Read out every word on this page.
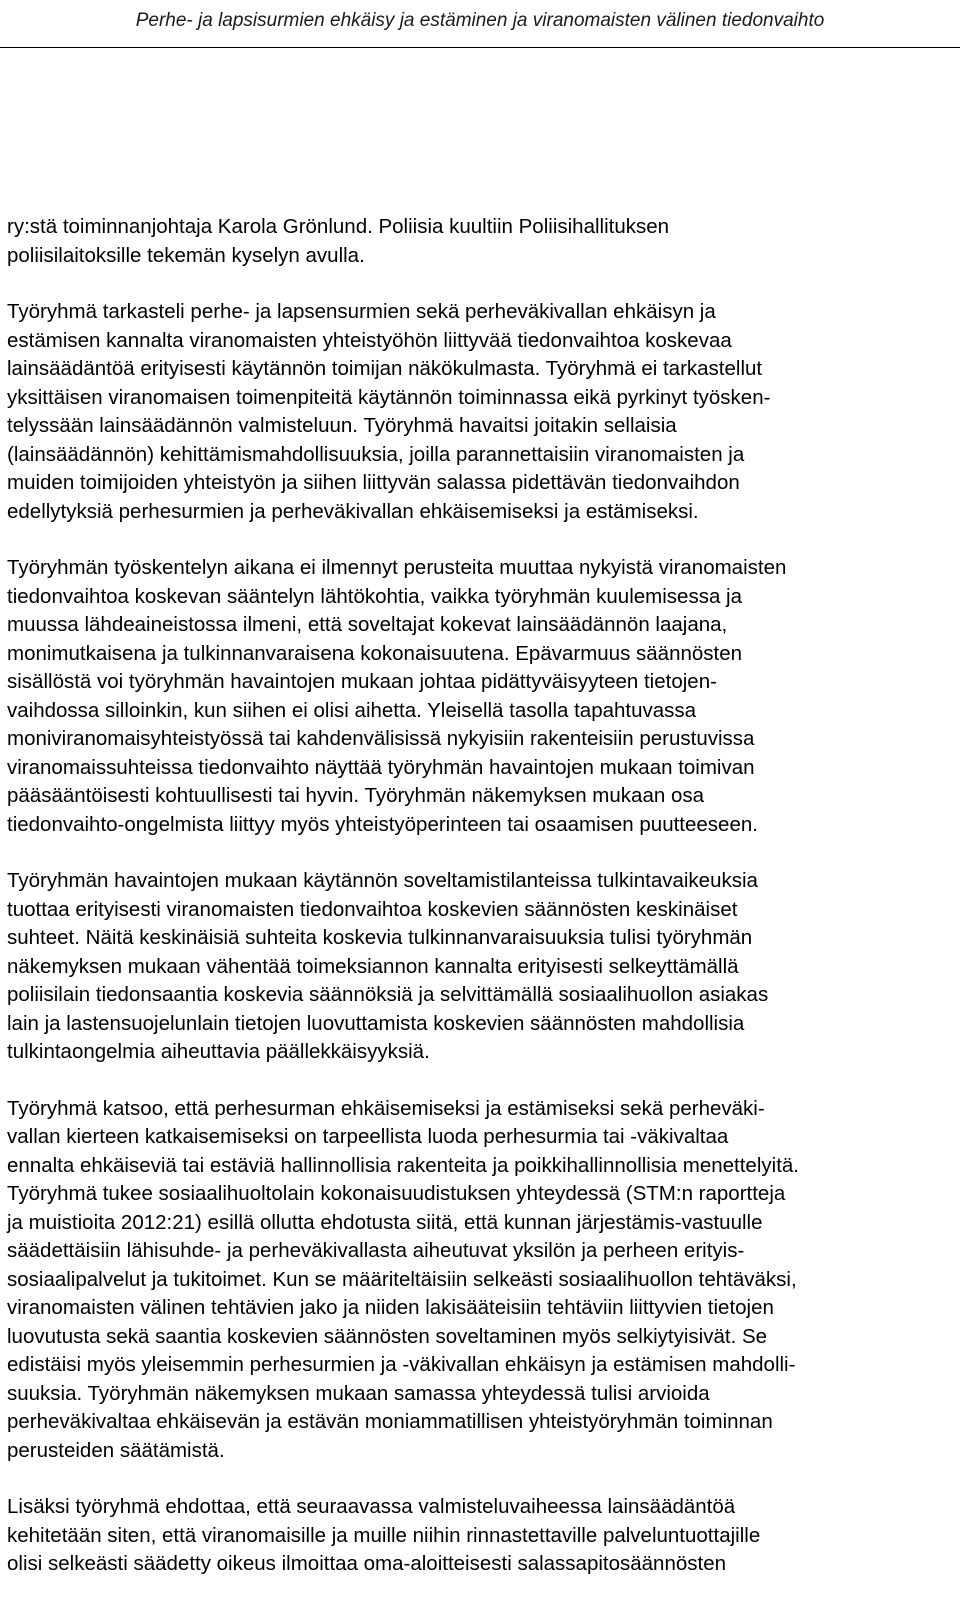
Perhe- ja lapsisurmien ehkäisy ja estäminen ja viranomaisten välinen tiedonvaihto

ry:stä toiminnanjohtaja Karola Grönlund. Poliisia kuultiin Poliisihallituksen
poliisilaitoksille tekemän kyselyn avulla.

Työryhmä tarkasteli perhe- ja lapsensurmien sekä perheväkivallan ehkäisyn ja
estämisen kannalta viranomaisten yhteistyöhön liittyvää tiedonvaihtoa koskevaa
lainsäädäntöä erityisesti käytännön toimijan näkökulmasta. Työryhmä ei tarkastellut
yksittäisen viranomaisen toimenpiteitä käytännön toiminnassa eikä pyrkinyt työsken-
telyssään lainsäädännön valmisteluun. Työryhmä havaitsi joitakin sellaisia
(lainsäädännön) kehittämismahdollisuuksia, joilla parannettaisiin viranomaisten ja
muiden toimijoiden yhteistyön ja siihen liittyvän salassa pidettävän tiedonvaihdon
edellytyksiä perhesurmien ja perheväkivallan ehkäisemiseksi ja estämiseksi.

Työryhmän työskentelyn aikana ei ilmennyt perusteita muuttaa nykyistä viranomaisten
tiedonvaihtoa koskevan sääntelyn lähtökohtia, vaikka työryhmän kuulemisessa ja
muussa lähdeaineistossa ilmeni, että soveltajat kokevat lainsäädännön laajana,
monimutkaisena ja tulkinnanvaraisena kokonaisuutena. Epävarmuus säännösten
sisällöstä voi työryhmän havaintojen mukaan johtaa pidättyväisyyteen tietojen-
vaihdossa silloinkin, kun siihen ei olisi aihetta. Yleisellä tasolla tapahtuvassa
moniviranomaisyhteistyössä tai kahdenvälisissä nykyisiin rakenteisiin perustuvissa
viranomaissuhteissa tiedonvaihto näyttää työryhmän havaintojen mukaan toimivan
pääsääntöisesti kohtuullisesti tai hyvin. Työryhmän näkemyksen mukaan osa
tiedonvaihto-ongelmista liittyy myös yhteistyöperinteen tai osaamisen puutteeseen.

Työryhmän havaintojen mukaan käytännön soveltamistilanteissa tulkintavaikeuksia
tuottaa erityisesti viranomaisten tiedonvaihtoa koskevien säännösten keskinäiset
suhteet. Näitä keskinäisiä suhteita koskevia tulkinnanvaraisuuksia tulisi työryhmän
näkemyksen mukaan vähentää toimeksiannon kannalta erityisesti selkeyttämällä
poliisilain tiedonsaantia koskevia säännöksiä ja selvittämällä sosiaalihuollon asiakas
lain ja lastensuojelunlain tietojen luovuttamista koskevien säännösten mahdollisia
tulkintaongelmia aiheuttavia päällekkäisyyksiä.

Työryhmä katsoo, että perhesurman ehkäisemiseksi ja estämiseksi sekä perheväki-
vallan kierteen katkaisemiseksi on tarpeellista luoda perhesurmia tai -väkivaltaa
ennalta ehkäiseviä tai estäviä hallinnollisia rakenteita ja poikkihallinnollisia menettelyitä.
Työryhmä tukee sosiaalihuoltolain kokonaisuudistuksen yhteydessä (STM:n raportteja
ja muistioita 2012:21) esillä ollutta ehdotusta siitä, että kunnan järjestämis-vastuulle
säädettäisiin lähisuhde- ja perheväkivallasta aiheutuvat yksilön ja perheen erityis-
sosiaalipalvelut ja tukitoimet. Kun se määriteltäisiin selkeästi sosiaalihuollon tehtäväksi,
viranomaisten välinen tehtävien jako ja niiden lakisääteisiin tehtäviin liittyvien tietojen
luovutusta sekä saantia koskevien säännösten soveltaminen myös selkiytyisivät. Se
edistäisi myös yleisemmin perhesurmien ja -väkivallan ehkäisyn ja estämisen mahdolli-
suuksia. Työryhmän näkemyksen mukaan samassa yhteydessä tulisi arvioida
perheväkivaltaa ehkäisevän ja estävän moniammatillisen yhteistyöryhmän toiminnan
perusteiden säätämistä.

Lisäksi työryhmä ehdottaa, että seuraavassa valmisteluvaiheessa lainsäädäntöä
kehitetään siten, että viranomaisille ja muille niihin rinnastettaville palveluntuottajille
olisi selkeästi säädetty oikeus ilmoittaa oma-aloitteisesti salassapitosäännösten
